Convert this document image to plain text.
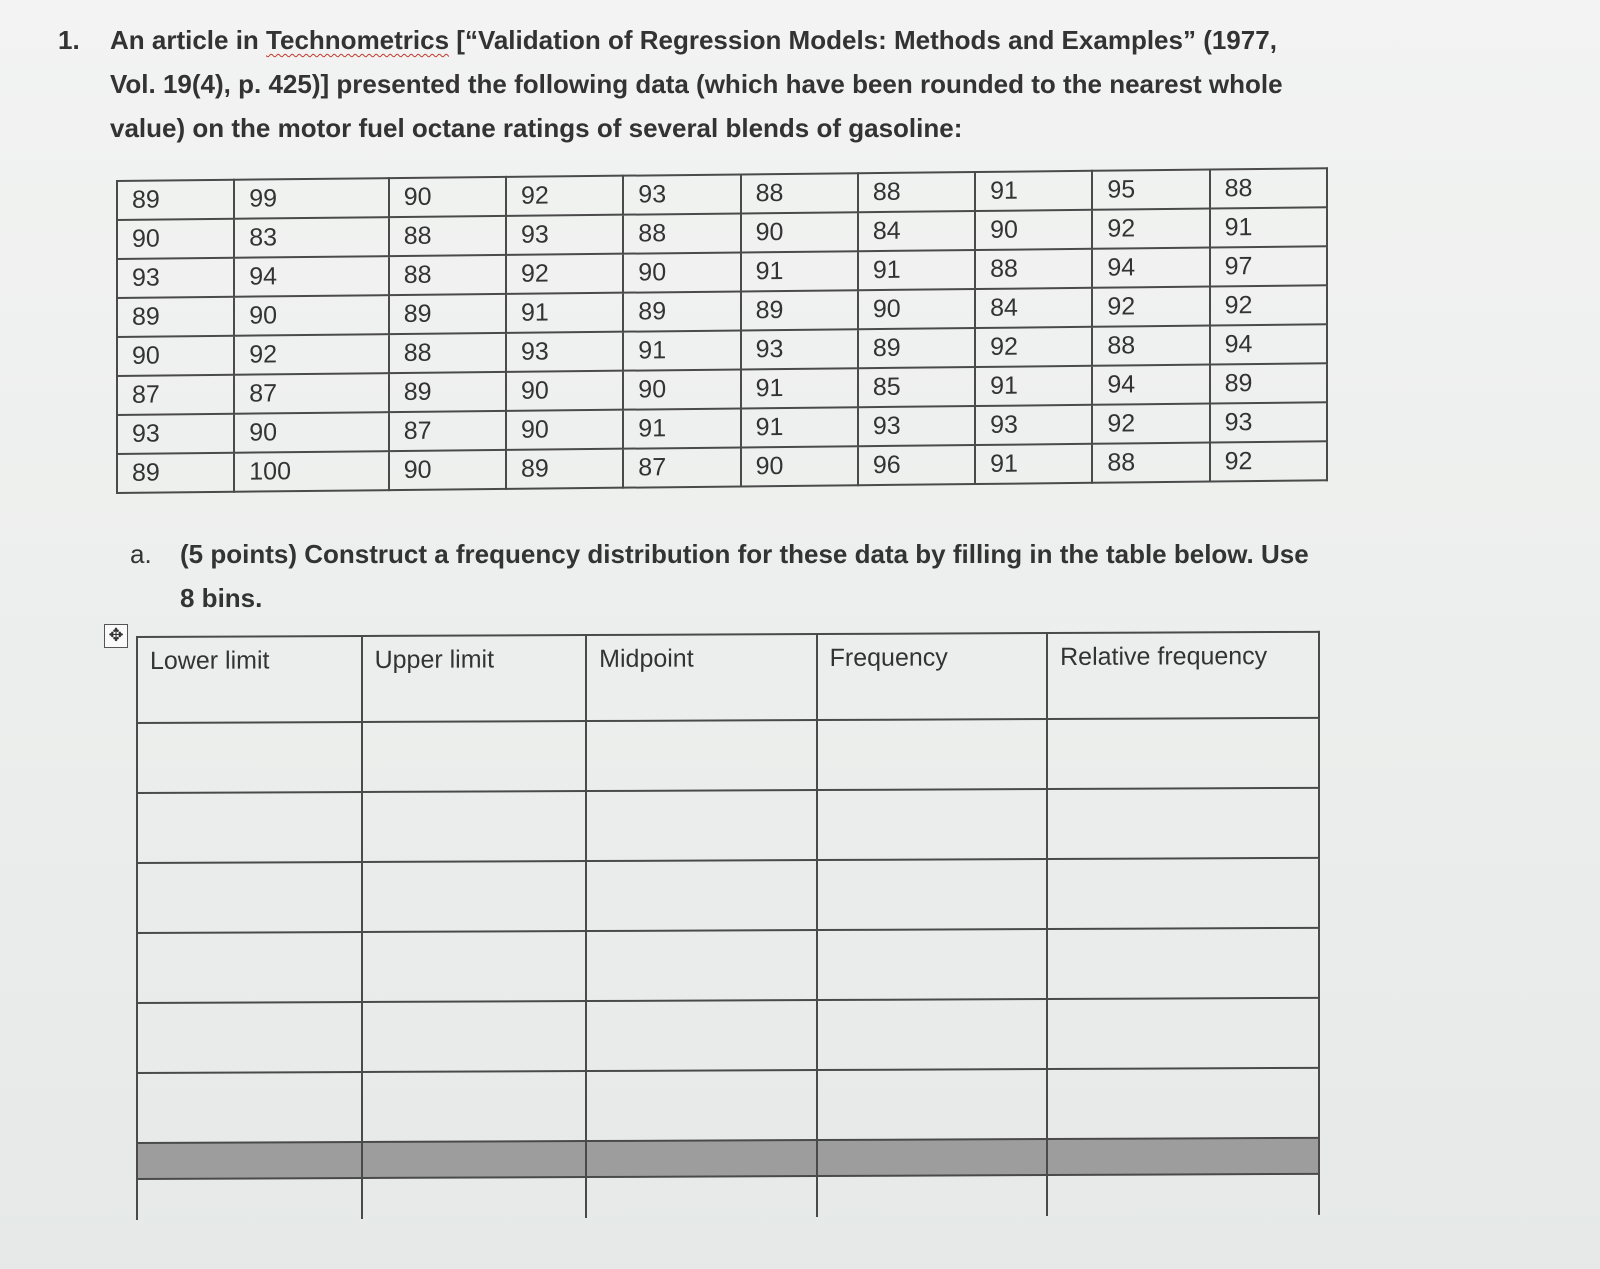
1.	An article in Technometrics [“Validation of Regression Models: Methods and Examples” (1977, Vol. 19(4), p. 425)] presented the following data (which have been rounded to the nearest whole value) on the motor fuel octane ratings of several blends of gasoline:
89	99	90	92	93	88	88	91	95	88
90	83	88	93	88	90	84	90	92	91
93	94	88	92	90	91	91	88	94	97
89	90	89	91	89	89	90	84	92	92
90	92	88	93	91	93	89	92	88	94
87	87	89	90	90	91	85	91	94	89
93	90	87	90	91	91	93	93	92	93
89	100	90	89	87	90	96	91	88	92
a. (5 points) Construct a frequency distribution for these data by filling in the table below. Use 8 bins.
✥
Lower limit	Upper limit	Midpoint	Frequency	Relative frequency
